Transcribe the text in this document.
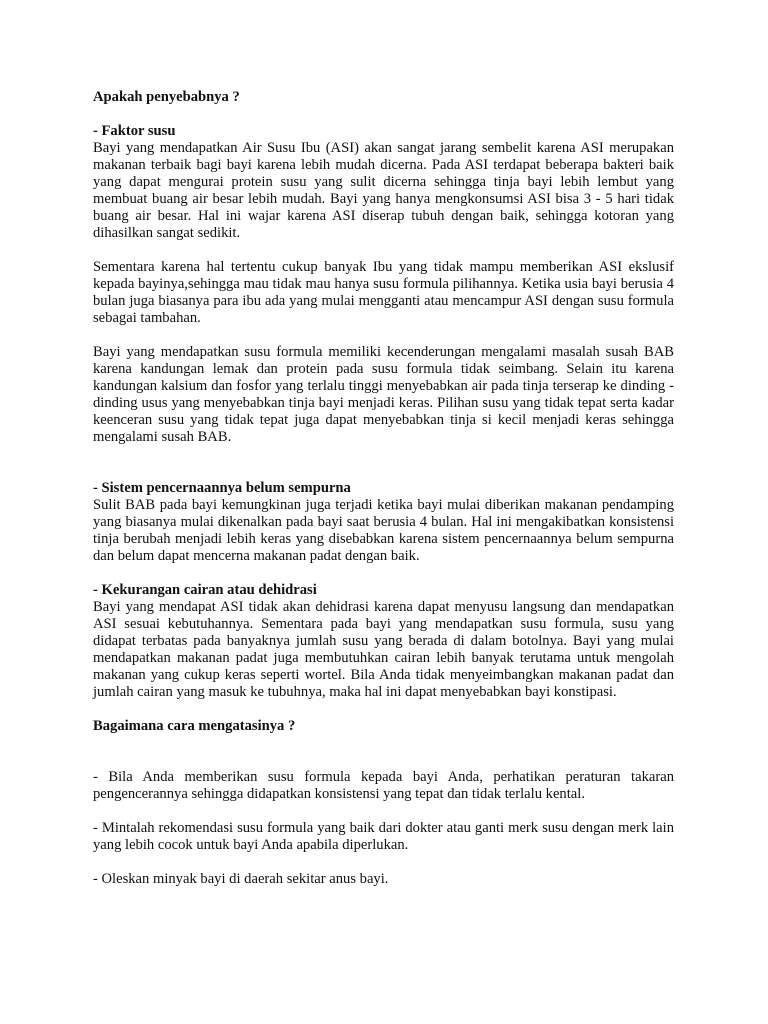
Apakah penyebabnya ?

- Faktor susu

Bayi yang mendapatkan Air Susu Ibu (ASI) akan sangat jarang sembelit karena ASI merupakan makanan terbaik bagi bayi karena lebih mudah dicerna. Pada ASI terdapat beberapa bakteri baik yang dapat mengurai protein susu yang sulit dicerna sehingga tinja bayi lebih lembut yang membuat buang air besar lebih mudah. Bayi yang hanya mengkonsumsi ASI bisa 3 - 5 hari tidak buang air besar. Hal ini wajar karena ASI diserap tubuh dengan baik, sehingga kotoran yang dihasilkan sangat sedikit.

Sementara karena hal tertentu cukup banyak Ibu yang tidak mampu memberikan ASI ekslusif kepada bayinya,sehingga mau tidak mau hanya susu formula pilihannya. Ketika usia bayi berusia 4 bulan juga biasanya para ibu ada yang mulai mengganti atau mencampur ASI dengan susu formula sebagai tambahan.

Bayi yang mendapatkan susu formula memiliki kecenderungan mengalami masalah susah BAB karena kandungan lemak dan protein pada susu formula tidak seimbang. Selain itu karena kandungan kalsium dan fosfor yang terlalu tinggi menyebabkan air pada tinja terserap ke dinding - dinding usus yang menyebabkan tinja bayi menjadi keras. Pilihan susu yang tidak tepat serta kadar keenceran susu yang tidak tepat juga dapat menyebabkan tinja si kecil menjadi keras sehingga mengalami susah BAB.

- Sistem pencernaannya belum sempurna

Sulit BAB pada bayi kemungkinan juga terjadi ketika bayi mulai diberikan makanan pendamping yang biasanya mulai dikenalkan pada bayi saat berusia 4 bulan. Hal ini mengakibatkan konsistensi tinja berubah menjadi lebih keras yang disebabkan karena sistem pencernaannya belum sempurna dan belum dapat mencerna makanan padat dengan baik.

- Kekurangan cairan atau dehidrasi

Bayi yang mendapat ASI tidak akan dehidrasi karena dapat menyusu langsung dan mendapatkan ASI sesuai kebutuhannya. Sementara pada bayi yang mendapatkan susu formula, susu yang didapat terbatas pada banyaknya jumlah susu yang berada di dalam botolnya. Bayi yang mulai mendapatkan makanan padat juga membutuhkan cairan lebih banyak terutama untuk mengolah makanan yang cukup keras seperti wortel. Bila Anda tidak menyeimbangkan makanan padat dan jumlah cairan yang masuk ke tubuhnya, maka hal ini dapat menyebabkan bayi konstipasi.

Bagaimana cara mengatasinya ?

- Bila Anda memberikan susu formula kepada bayi Anda, perhatikan peraturan takaran pengencerannya sehingga didapatkan konsistensi yang tepat dan tidak terlalu kental.

- Mintalah rekomendasi susu formula yang baik dari dokter atau ganti merk susu dengan merk lain yang lebih cocok untuk bayi Anda apabila diperlukan.

- Oleskan minyak bayi di daerah sekitar anus bayi.
